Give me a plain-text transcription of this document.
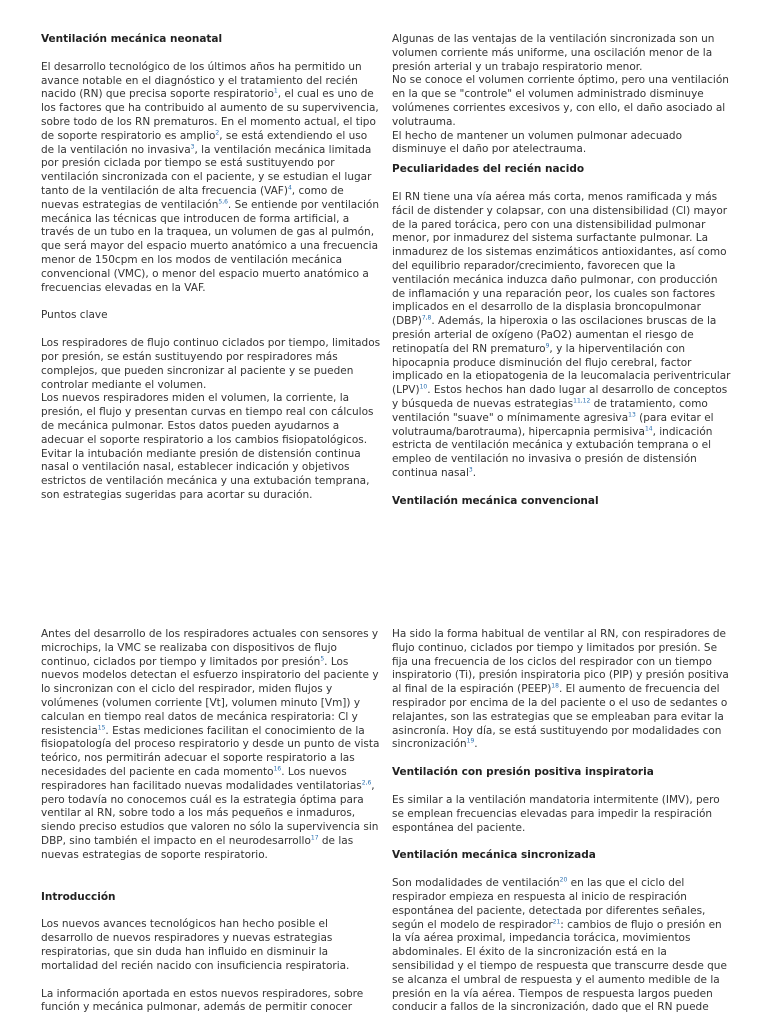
Ventilación mecánica neonatal

El desarrollo tecnológico de los últimos años ha permitido un avance notable en el diagnóstico y el tratamiento del recién nacido (RN) que precisa soporte respiratorio$^1$, el cual es uno de los factores que ha contribuido al aumento de su supervivencia, sobre todo de los RN prematuros. En el momento actual, el tipo de soporte respiratorio es amplio$^2$, se está extendiendo el uso de la ventilación no invasiva$^3$, la ventilación mecánica limitada por presión ciclada por tiempo se está sustituyendo por ventilación sincronizada con el paciente, y se estudian el lugar tanto de la ventilación de alta frecuencia (VAF)$^4$, como de nuevas estrategias de ventilación$^{5,6}$. Se entiende por ventilación mecánica las técnicas que introducen de forma artificial, a través de un tubo en la traquea, un volumen de gas al pulmón, que será mayor del espacio muerto anatómico a una frecuencia menor de 150cpm en los modos de ventilación mecánica convencional (VMC), o menor del espacio muerto anatómico a frecuencias elevadas en la VAF.

Puntos clave

Los respiradores de flujo continuo ciclados por tiempo, limitados por presión, se están sustituyendo por respiradores más complejos, que pueden sincronizar al paciente y se pueden controlar mediante el volumen.

Los nuevos respiradores miden el volumen, la corriente, la presión, el flujo y presentan curvas en tiempo real con cálculos de mecánica pulmonar. Estos datos pueden ayudarnos a adecuar el soporte respiratorio a los cambios fisiopatológicos.

Evitar la intubación mediante presión de distensión continua nasal o ventilación nasal, establecer indicación y objetivos estrictos de ventilación mecánica y una extubación temprana, son estrategias sugeridas para acortar su duración.

Algunas de las ventajas de la ventilación sincronizada son un volumen corriente más uniforme, una oscilación menor de la presión arterial y un trabajo respiratorio menor.

No se conoce el volumen corriente óptimo, pero una ventilación en la que se "controle" el volumen administrado disminuye volúmenes corrientes excesivos y, con ello, el daño asociado al volutrauma.

El hecho de mantener un volumen pulmonar adecuado disminuye el daño por atelectrauma.

Peculiaridades del recién nacido

El RN tiene una vía aérea más corta, menos ramificada y más fácil de distender y colapsar, con una distensibilidad (Cl) mayor de la pared torácica, pero con una distensibilidad pulmonar menor, por inmadurez del sistema surfactante pulmonar. La inmadurez de los sistemas enzimáticos antioxidantes, así como del equilibrio reparador/crecimiento, favorecen que la ventilación mecánica induzca daño pulmonar, con producción de inflamación y una reparación peor, los cuales son factores implicados en el desarrollo de la displasia broncopulmonar (DBP)$^{7,8}$. Además, la hiperoxia o las oscilaciones bruscas de la presión arterial de oxígeno (PaO2) aumentan el riesgo de retinopatía del RN prematuro$^9$, y la hiperventilación con hipocapnia produce disminución del flujo cerebral, factor implicado en la etiopatogenia de la leucomalacia periventricular (LPV)$^{10}$. Estos hechos han dado lugar al desarrollo de conceptos y búsqueda de nuevas estrategias$^{11,12}$ de tratamiento, como ventilación "suave" o mínimamente agresiva$^{13}$ (para evitar el volutrauma/barotrauma), hipercapnia permisiva$^{14}$, indicación estricta de ventilación mecánica y extubación temprana o el empleo de ventilación no invasiva o presión de distensión continua nasal$^3$.

Ventilación mecánica convencional

Antes del desarrollo de los respiradores actuales con sensores y microchips, la VMC se realizaba con dispositivos de flujo continuo, ciclados por tiempo y limitados por presión$^5$. Los nuevos modelos detectan el esfuerzo inspiratorio del paciente y lo sincronizan con el ciclo del respirador, miden flujos y volúmenes (volumen corriente [Vt], volumen minuto [Vm]) y calculan en tiempo real datos de mecánica respiratoria: Cl y resistencia$^{15}$. Estas mediciones facilitan el conocimiento de la fisiopatología del proceso respiratorio y desde un punto de vista teórico, nos permitirán adecuar el soporte respiratorio a las necesidades del paciente en cada momento$^{16}$. Los nuevos respiradores han facilitado nuevas modalidades ventilatorias$^{2,6}$, pero todavía no conocemos cuál es la estrategia óptima para ventilar al RN, sobre todo a los más pequeños e inmaduros, siendo preciso estudios que valoren no sólo la supervivencia sin DBP, sino también el impacto en el neurodesarrollo$^{17}$ de las nuevas estrategias de soporte respiratorio.

Introducción

Los nuevos avances tecnológicos han hecho posible el desarrollo de nuevos respiradores y nuevas estrategias respiratorias, que sin duda han influido en disminuir la mortalidad del recién nacido con insuficiencia respiratoria.

La información aportada en estos nuevos respiradores, sobre función y mecánica pulmonar, además de permitir conocer

Ha sido la forma habitual de ventilar al RN, con respiradores de flujo continuo, ciclados por tiempo y limitados por presión. Se fija una frecuencia de los ciclos del respirador con un tiempo inspiratorio (Ti), presión inspiratoria pico (PIP) y presión positiva al final de la espiración (PEEP)$^{18}$. El aumento de frecuencia del respirador por encima de la del paciente o el uso de sedantes o relajantes, son las estrategias que se empleaban para evitar la asincronía. Hoy día, se está sustituyendo por modalidades con sincronización$^{19}$.

Ventilación con presión positiva inspiratoria

Es similar a la ventilación mandatoria intermitente (IMV), pero se emplean frecuencias elevadas para impedir la respiración espontánea del paciente.

Ventilación mecánica sincronizada

Son modalidades de ventilación$^{20}$ en las que el ciclo del respirador empieza en respuesta al inicio de respiración espontánea del paciente, detectada por diferentes señales, según el modelo de respirador$^{21}$: cambios de flujo o presión en la vía aérea proximal, impedancia torácica, movimientos abdominales. El éxito de la sincronización está en la sensibilidad y el tiempo de respuesta que transcurre desde que se alcanza el umbral de respuesta y el aumento medible de la presión en la vía aérea. Tiempos de respuesta largos pueden conducir a fallos de la sincronización, dado que el RN puede
